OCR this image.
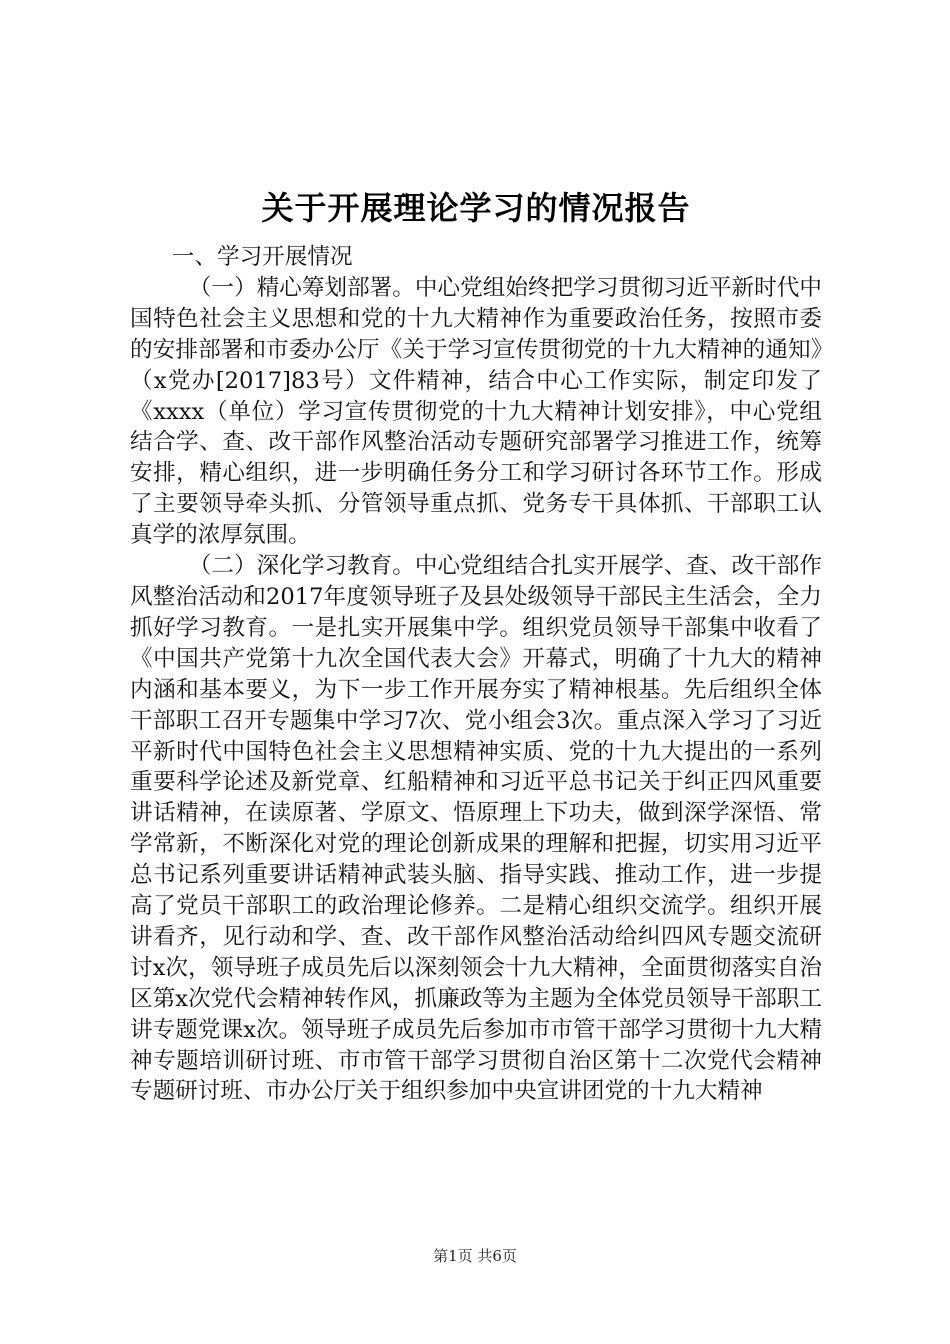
关于开展理论学习的情况报告

一、学习开展情况

（一）精心筹划部署。中心党组始终把学习贯彻习近平新时代中国特色社会主义思想和党的十九大精神作为重要政治任务，按照市委的安排部署和市委办公厅《关于学习宣传贯彻党的十九大精神的通知》（x党办[2017]83号）文件精神，结合中心工作实际，制定印发了《xxxx（单位）学习宣传贯彻党的十九大精神计划安排》，中心党组结合学、查、改干部作风整治活动专题研究部署学习推进工作，统筹安排，精心组织，进一步明确任务分工和学习研讨各环节工作。形成了主要领导牵头抓、分管领导重点抓、党务专干具体抓、干部职工认真学的浓厚氛围。

（二）深化学习教育。中心党组结合扎实开展学、查、改干部作风整治活动和2017年度领导班子及县处级领导干部民主生活会，全力抓好学习教育。一是扎实开展集中学。组织党员领导干部集中收看了《中国共产党第十九次全国代表大会》开幕式，明确了十九大的精神内涵和基本要义，为下一步工作开展夯实了精神根基。先后组织全体干部职工召开专题集中学习7次、党小组会3次。重点深入学习了习近平新时代中国特色社会主义思想精神实质、党的十九大提出的一系列重要科学论述及新党章、红船精神和习近平总书记关于纠正四风重要讲话精神，在读原著、学原文、悟原理上下功夫，做到深学深悟、常学常新，不断深化对党的理论创新成果的理解和把握，切实用习近平总书记系列重要讲话精神武装头脑、指导实践、推动工作，进一步提高了党员干部职工的政治理论修养。二是精心组织交流学。组织开展讲看齐，见行动和学、查、改干部作风整治活动给纠四风专题交流研讨x次，领导班子成员先后以深刻领会十九大精神，全面贯彻落实自治区第x次党代会精神转作风，抓廉政等为主题为全体党员领导干部职工讲专题党课x次。领导班子成员先后参加市市管干部学习贯彻十九大精神专题培训研讨班、市市管干部学习贯彻自治区第十二次党代会精神专题研讨班、市办公厅关于组织参加中央宣讲团党的十九大精神

第1页 共6页
